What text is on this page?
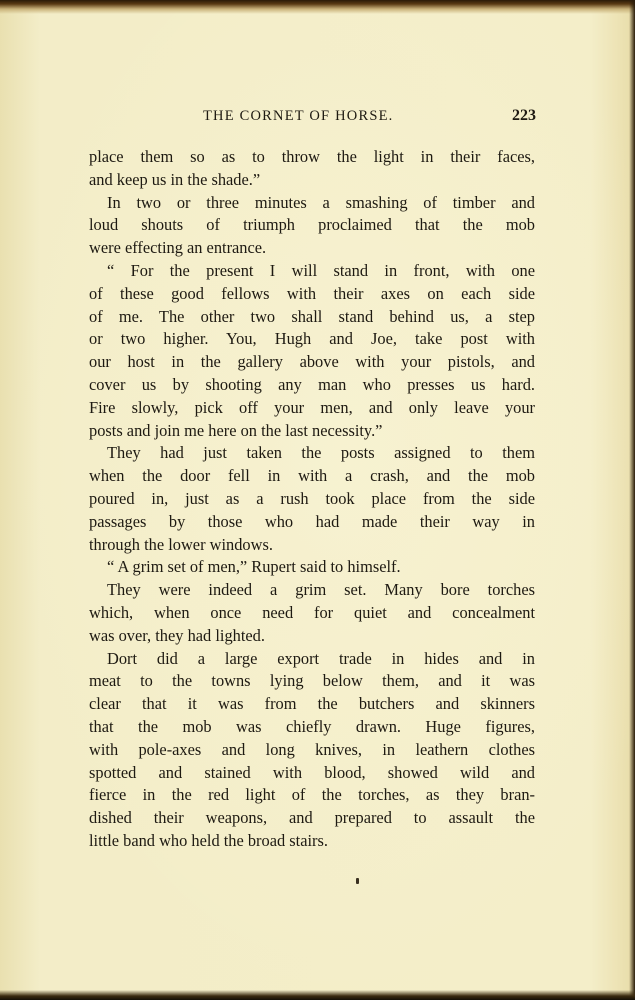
THE CORNET OF HORSE.	223
place them so as to throw the light in their faces,
and keep us in the shade.”
In two or three minutes a smashing of timber and
loud shouts of triumph proclaimed that the mob
were effecting an entrance.
“ For the present I will stand in front, with one
of these good fellows with their axes on each side
of me. The other two shall stand behind us, a step
or two higher. You, Hugh and Joe, take post with
our host in the gallery above with your pistols, and
cover us by shooting any man who presses us hard.
Fire slowly, pick off your men, and only leave your
posts and join me here on the last necessity.”
They had just taken the posts assigned to them
when the door fell in with a crash, and the mob
poured in, just as a rush took place from the side
passages by those who had made their way in
through the lower windows.
“ A grim set of men,” Rupert said to himself.
They were indeed a grim set. Many bore torches
which, when once need for quiet and concealment
was over, they had lighted.
Dort did a large export trade in hides and in
meat to the towns lying below them, and it was
clear that it was from the butchers and skinners
that the mob was chiefly drawn. Huge figures,
with pole-axes and long knives, in leathern clothes
spotted and stained with blood, showed wild and
fierce in the red light of the torches, as they bran-
dished their weapons, and prepared to assault the
little band who held the broad stairs.
